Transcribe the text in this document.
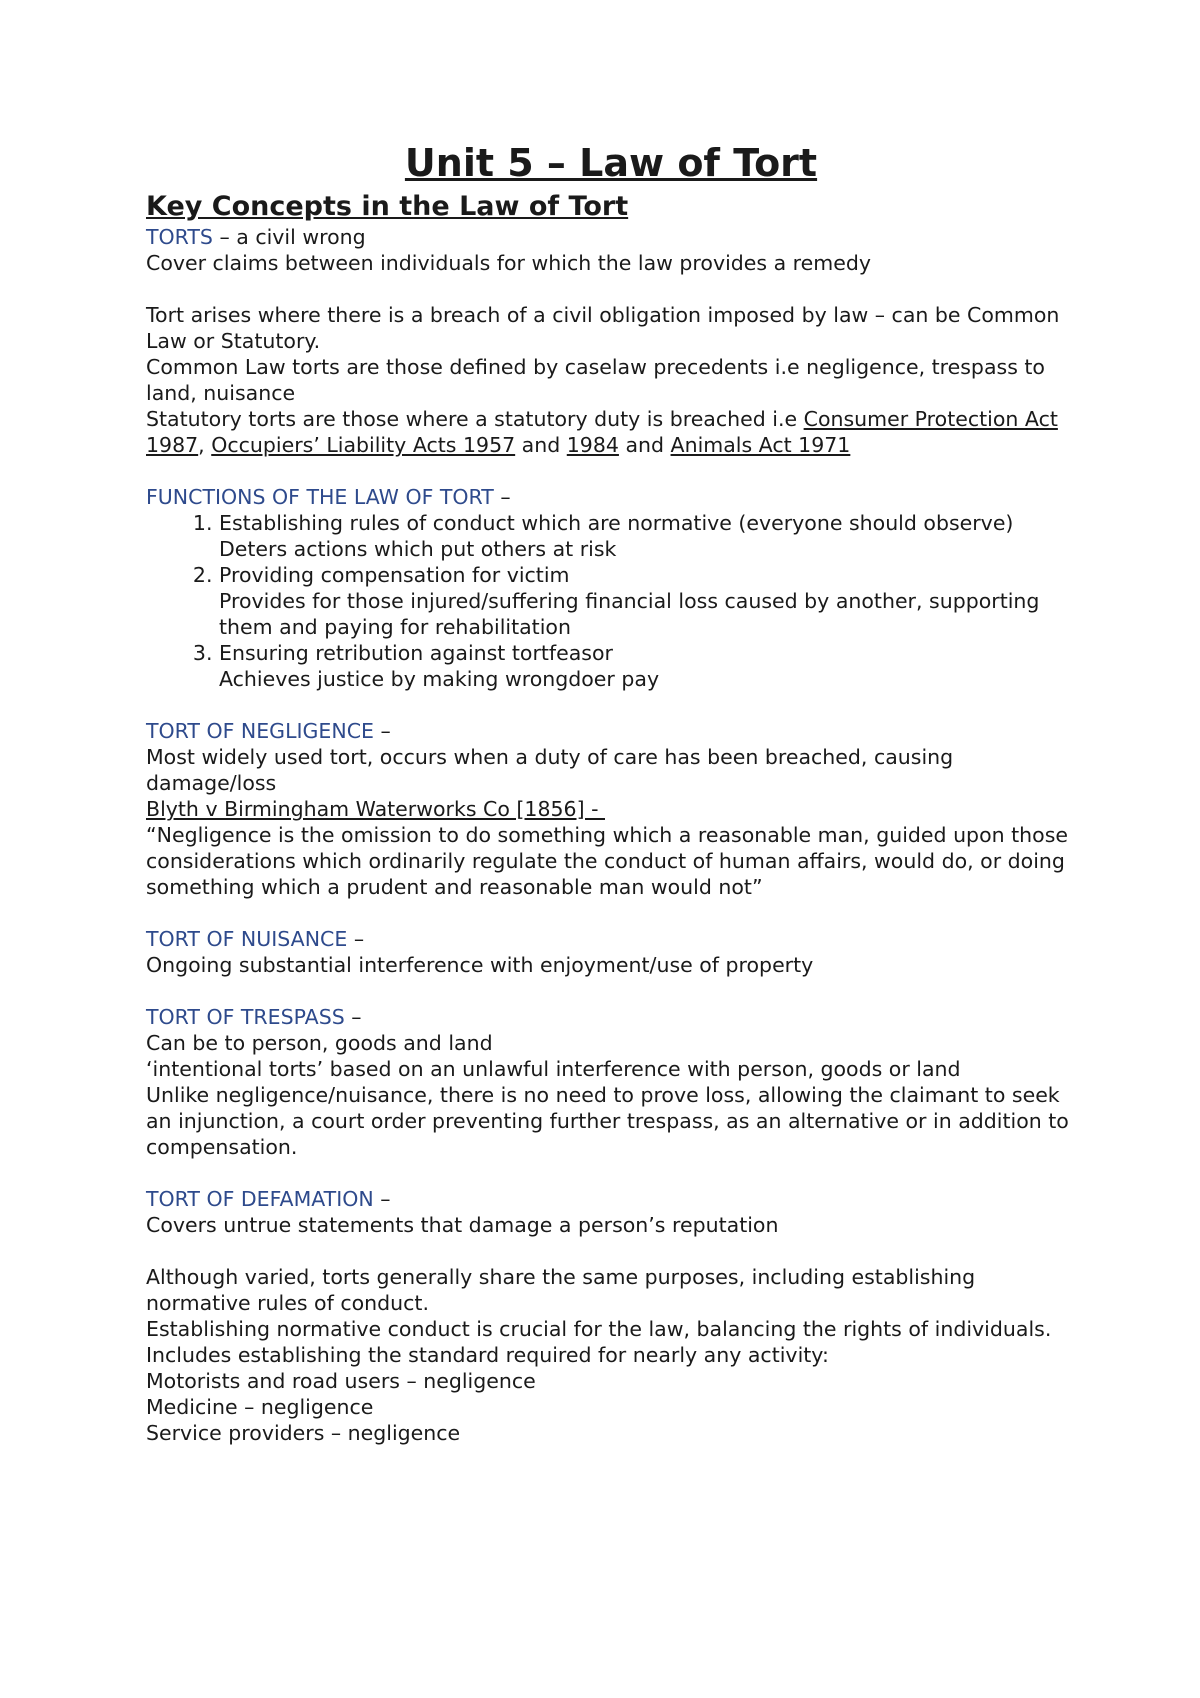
Unit 5 – Law of Tort
Key Concepts in the Law of Tort

TORTS – a civil wrong

Cover claims between individuals for which the law provides a remedy

Tort arises where there is a breach of a civil obligation imposed by law – can be Common Law or Statutory.

Common Law torts are those defined by caselaw precedents i.e negligence, trespass to land, nuisance

Statutory torts are those where a statutory duty is breached i.e Consumer Protection Act 1987, Occupiers’ Liability Acts 1957 and 1984 and Animals Act 1971

FUNCTIONS OF THE LAW OF TORT –

1. Establishing rules of conduct which are normative (everyone should observe)
Deters actions which put others at risk
2. Providing compensation for victim
Provides for those injured/suffering financial loss caused by another, supporting them and paying for rehabilitation
3. Ensuring retribution against tortfeasor
Achieves justice by making wrongdoer pay

TORT OF NEGLIGENCE –

Most widely used tort, occurs when a duty of care has been breached, causing damage/loss

Blyth v Birmingham Waterworks Co [1856] -

“Negligence is the omission to do something which a reasonable man, guided upon those considerations which ordinarily regulate the conduct of human affairs, would do, or doing something which a prudent and reasonable man would not”

TORT OF NUISANCE –

Ongoing substantial interference with enjoyment/use of property

TORT OF TRESPASS –

Can be to person, goods and land

‘intentional torts’ based on an unlawful interference with person, goods or land

Unlike negligence/nuisance, there is no need to prove loss, allowing the claimant to seek an injunction, a court order preventing further trespass, as an alternative or in addition to compensation.

TORT OF DEFAMATION –

Covers untrue statements that damage a person’s reputation

Although varied, torts generally share the same purposes, including establishing normative rules of conduct.

Establishing normative conduct is crucial for the law, balancing the rights of individuals.

Includes establishing the standard required for nearly any activity:

Motorists and road users – negligence

Medicine – negligence

Service providers – negligence
